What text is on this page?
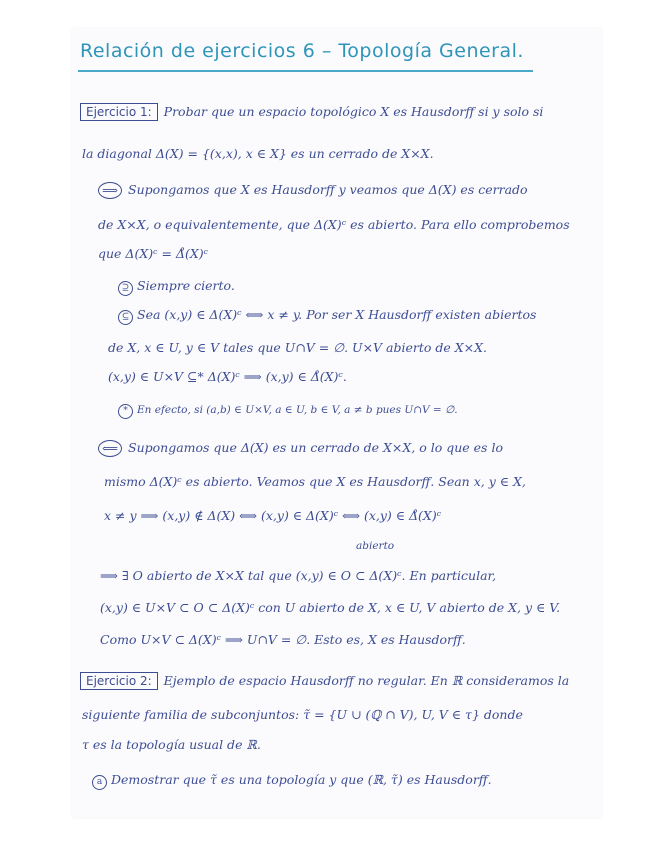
Relación de ejercicios 6 – Topología General.
Ejercicio 1: Probar que un espacio topológico X es Hausdorff si y solo si
la diagonal Δ(X) = {(x,x), x ∈ X} es un cerrado de X×X.
⟹ Supongamos que X es Hausdorff y veamos que Δ(X) es cerrado
de X×X, o equivalentemente, que Δ(X)ᶜ es abierto. Para ello comprobemos
que Δ(X)ᶜ = Δ̊(X)ᶜ
⊇ Siempre cierto.
⊆ Sea (x,y) ∈ Δ(X)ᶜ ⟺ x ≠ y. Por ser X Hausdorff existen abiertos
de X, x ∈ U, y ∈ V tales que U∩V = ∅. U×V abierto de X×X.
(x,y) ∈ U×V ⊆* Δ(X)ᶜ ⟹ (x,y) ∈ Δ̊(X)ᶜ.
* En efecto, si (a,b) ∈ U×V, a ∈ U, b ∈ V, a ≠ b pues U∩V = ∅.
⟸ Supongamos que Δ(X) es un cerrado de X×X, o lo que es lo
mismo Δ(X)ᶜ es abierto. Veamos que X es Hausdorff. Sean x, y ∈ X,
x ≠ y ⟹ (x,y) ∉ Δ(X) ⟺ (x,y) ∈ Δ(X)ᶜ ⟺ (x,y) ∈ Δ̊(X)ᶜ
abierto
⟹ ∃ O abierto de X×X tal que (x,y) ∈ O ⊂ Δ(X)ᶜ. En particular,
(x,y) ∈ U×V ⊂ O ⊂ Δ(X)ᶜ con U abierto de X, x ∈ U, V abierto de X, y ∈ V.
Como U×V ⊂ Δ(X)ᶜ ⟹ U∩V = ∅. Esto es, X es Hausdorff.
Ejercicio 2: Ejemplo de espacio Hausdorff no regular. En ℝ consideramos la
siguiente familia de subconjuntos: τ̃ = {U ∪ (ℚ ∩ V), U, V ∈ τ} donde
τ es la topología usual de ℝ.
a Demostrar que τ̃ es una topología y que (ℝ, τ̃) es Hausdorff.
